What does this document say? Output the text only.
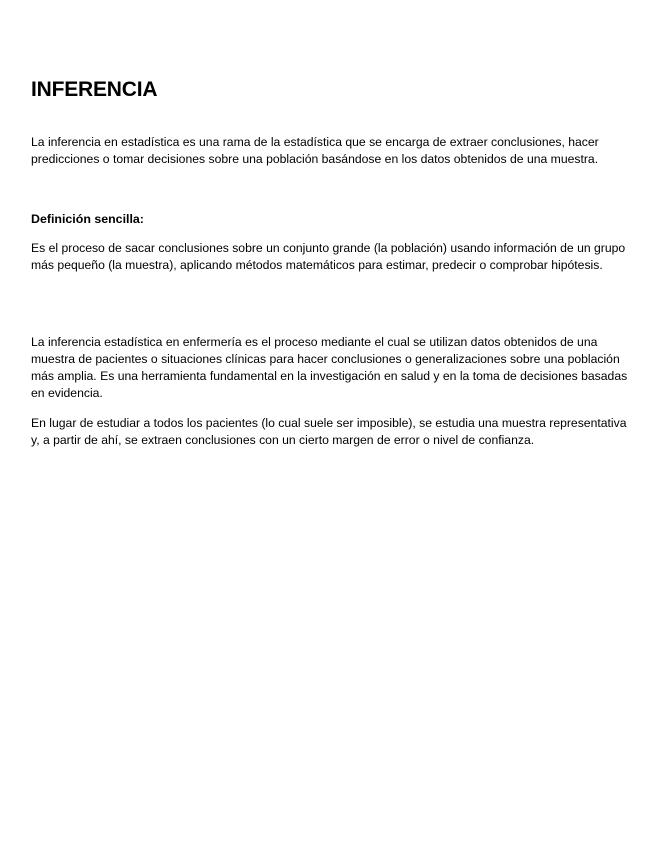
INFERENCIA

La inferencia en estadística es una rama de la estadística que se encarga de extraer conclusiones, hacer predicciones o tomar decisiones sobre una población basándose en los datos obtenidos de una muestra.

Definición sencilla:

Es el proceso de sacar conclusiones sobre un conjunto grande (la población) usando información de un grupo más pequeño (la muestra), aplicando métodos matemáticos para estimar, predecir o comprobar hipótesis.

La inferencia estadística en enfermería es el proceso mediante el cual se utilizan datos obtenidos de una muestra de pacientes o situaciones clínicas para hacer conclusiones o generalizaciones sobre una población más amplia. Es una herramienta fundamental en la investigación en salud y en la toma de decisiones basadas en evidencia.

En lugar de estudiar a todos los pacientes (lo cual suele ser imposible), se estudia una muestra representativa y, a partir de ahí, se extraen conclusiones con un cierto margen de error o nivel de confianza.
